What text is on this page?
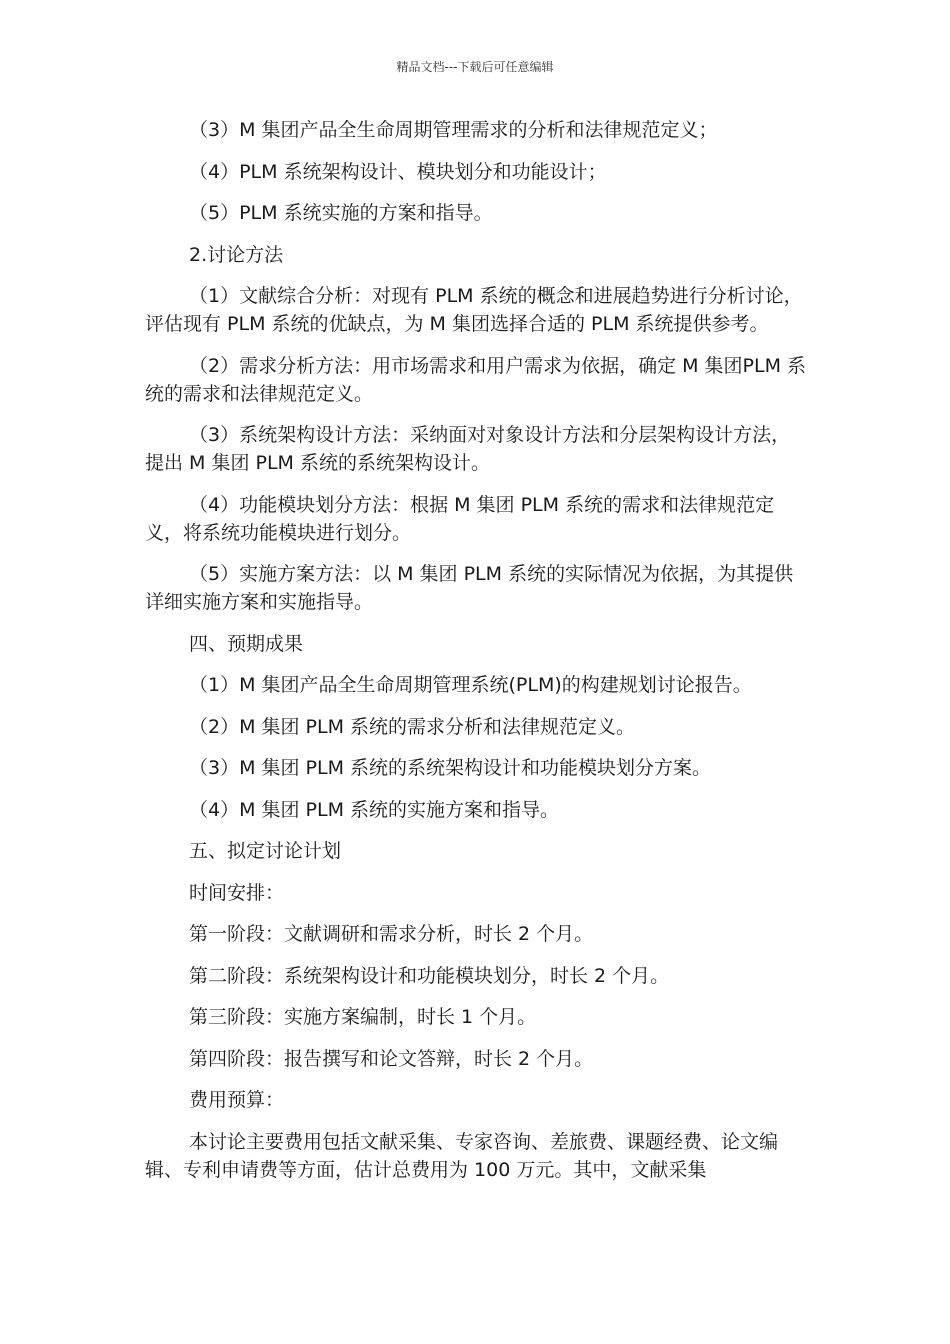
精品文档---下载后可任意编辑

（3）M 集团产品全生命周期管理需求的分析和法律规范定义；

（4）PLM 系统架构设计、模块划分和功能设计；

（5）PLM 系统实施的方案和指导。

2.讨论方法

（1）文献综合分析：对现有 PLM 系统的概念和进展趋势进行分析讨论，评估现有 PLM 系统的优缺点，为 M 集团选择合适的 PLM 系统提供参考。

（2）需求分析方法：用市场需求和用户需求为依据，确定 M 集团PLM 系统的需求和法律规范定义。

（3）系统架构设计方法：采纳面对对象设计方法和分层架构设计方法，提出 M 集团 PLM 系统的系统架构设计。

（4）功能模块划分方法：根据 M 集团 PLM 系统的需求和法律规范定义，将系统功能模块进行划分。

（5）实施方案方法：以 M 集团 PLM 系统的实际情况为依据，为其提供详细实施方案和实施指导。

四、预期成果

（1）M 集团产品全生命周期管理系统(PLM)的构建规划讨论报告。

（2）M 集团 PLM 系统的需求分析和法律规范定义。

（3）M 集团 PLM 系统的系统架构设计和功能模块划分方案。

（4）M 集团 PLM 系统的实施方案和指导。

五、拟定讨论计划

时间安排：

第一阶段：文献调研和需求分析，时长 2 个月。

第二阶段：系统架构设计和功能模块划分，时长 2 个月。

第三阶段：实施方案编制，时长 1 个月。

第四阶段：报告撰写和论文答辩，时长 2 个月。

费用预算：

本讨论主要费用包括文献采集、专家咨询、差旅费、课题经费、论文编辑、专利申请费等方面，估计总费用为 100 万元。其中，文献采集
